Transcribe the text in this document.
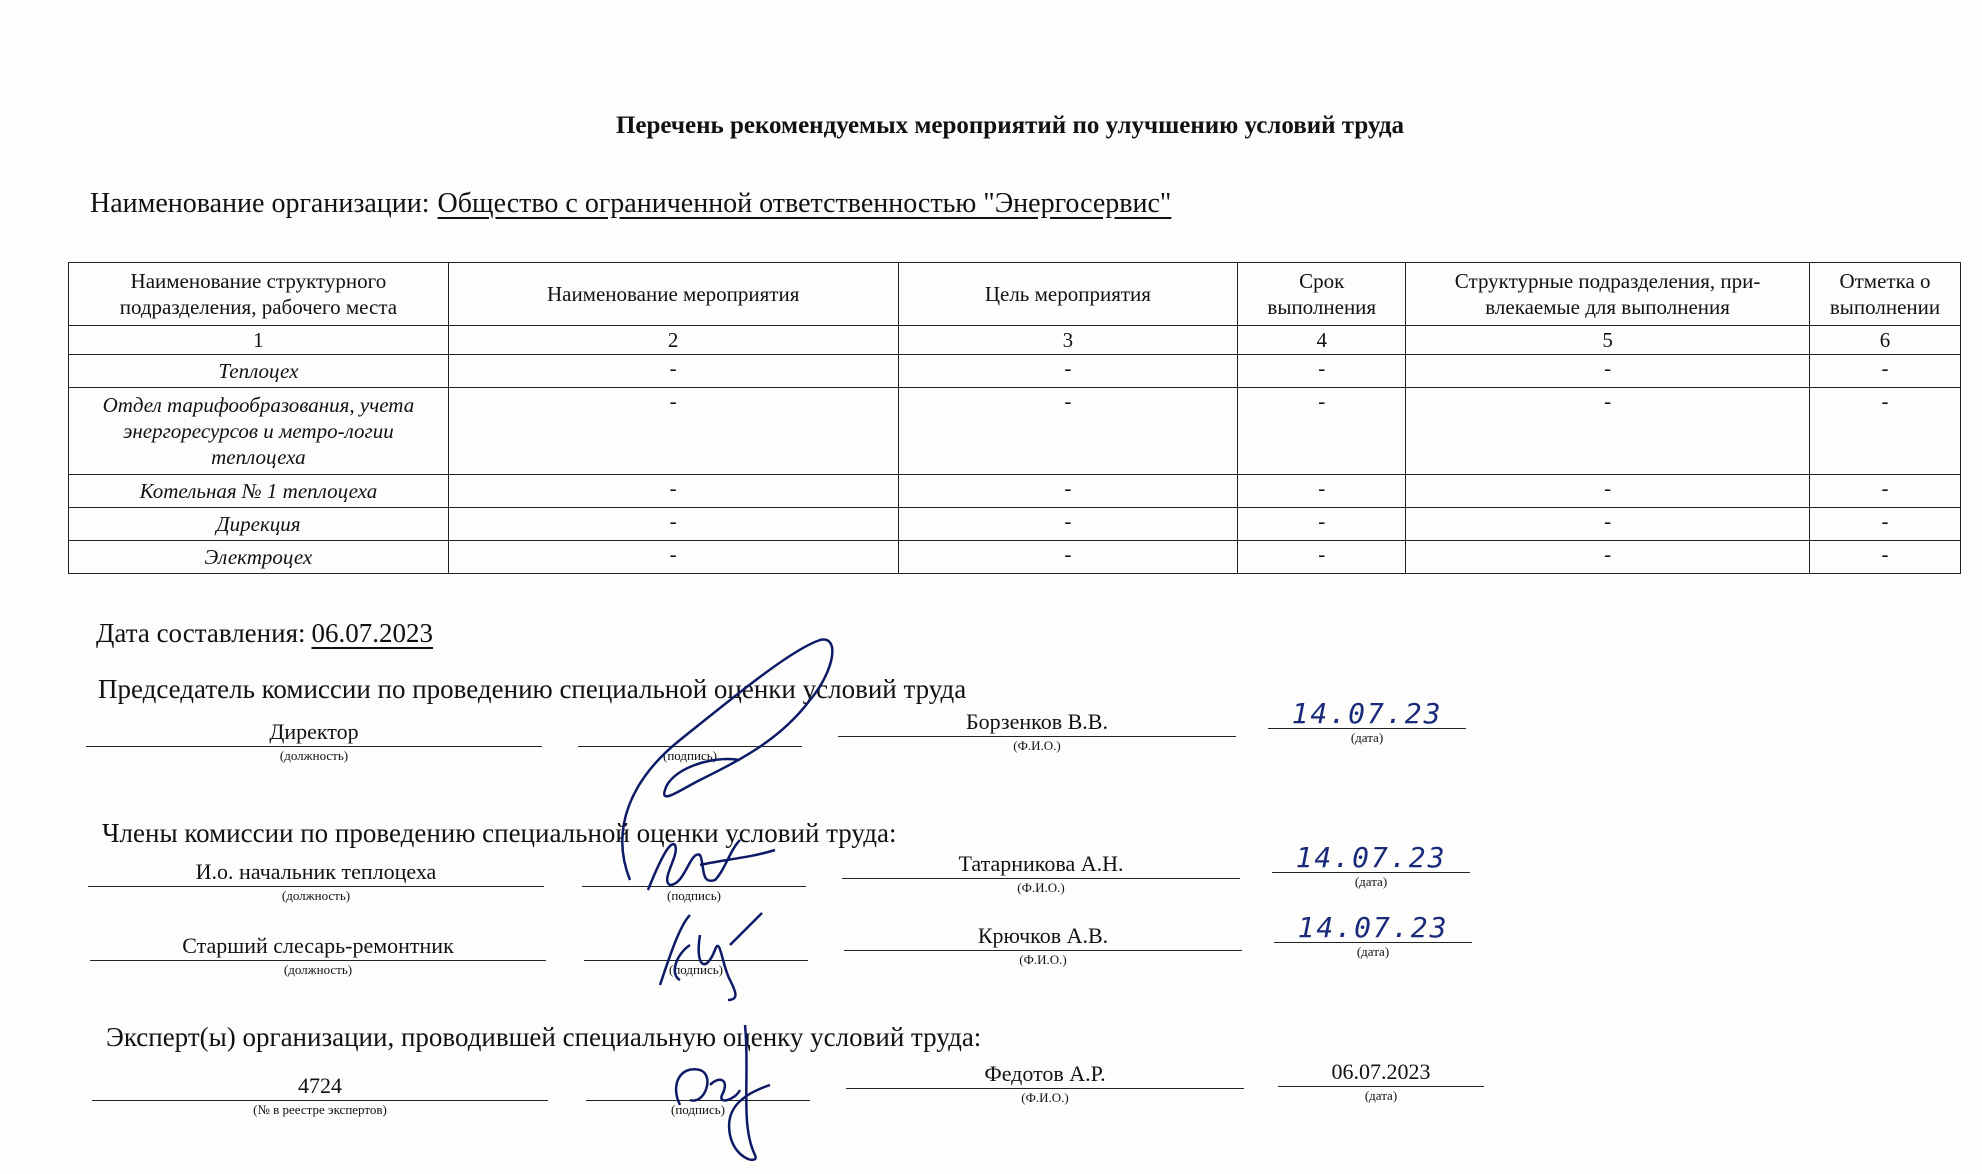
Перечень рекомендуемых мероприятий по улучшению условий труда
Наименование организации: Общество с ограниченной ответственностью "Энергосервис"
Наименование структурного подразделения, рабочего места	Наименование мероприятия	Цель мероприятия	Срок выполнения	Структурные подразделения, при-влекаемые для выполнения	Отметка о выполнении
1	2	3	4	5	6
Теплоцех	-	-	-	-	-
Отдел тарифообразования, учета энергоресурсов и метро-логии теплоцеха	-	-	-	-	-
Котельная № 1 теплоцеха	-	-	-	-	-
Дирекция	-	-	-	-	-
Электроцех	-	-	-	-	-
Дата составления: 06.07.2023
Председатель комиссии по проведению специальной оценки условий труда
Директор
(должность)	(подпись)
Борзенков В.В.
(Ф.И.О.)
14.07.23
(дата)
Члены комиссии по проведению специальной оценки условий труда:
И.о. начальник теплоцеха
(должность)	(подпись)
Татарникова А.Н.
(Ф.И.О.)
14.07.23
(дата)
Старший слесарь-ремонтник
(должность)	(подпись)
Крючков А.В.
(Ф.И.О.)
14.07.23
(дата)
Эксперт(ы) организации, проводившей специальную оценку условий труда:
4724
(№ в реестре экспертов)	(подпись)
Федотов А.Р.
(Ф.И.О.)
06.07.2023
(дата)
